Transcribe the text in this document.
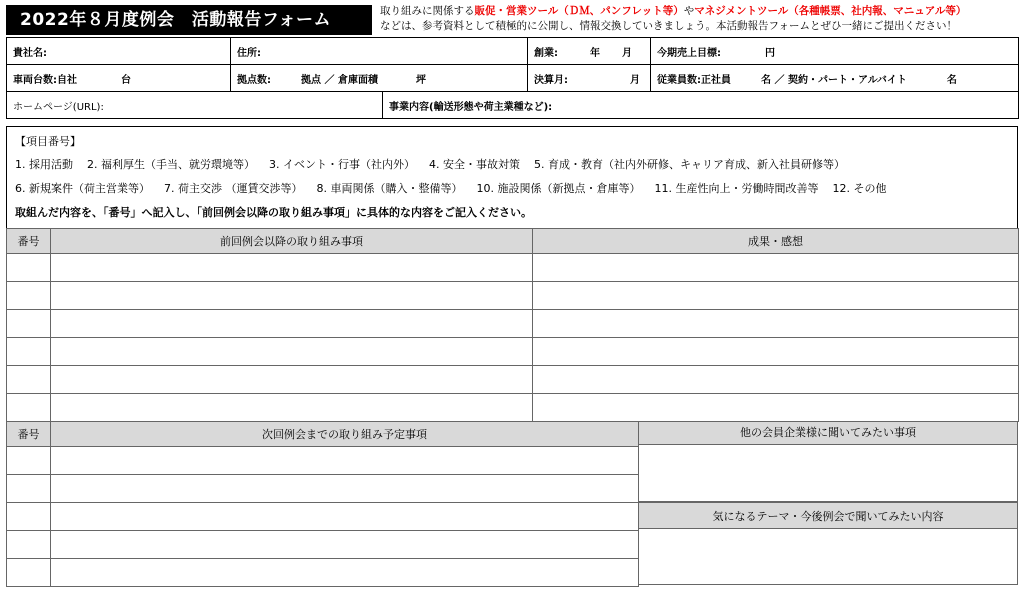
2022年８月度例会　活動報告フォーム	取り組みに関係する販促・営業ツール（ＤＭ、パンフレット等）やマネジメントツール（各種帳票、社内報、マニュアル等）
などは、参考資料として積極的に公開し、情報交換していきましょう。本活動報告フォームとぜひ一緒にご提出ください！
貴社名:	住所:		創業: 年 月	今期売上目標: 円
車両台数:自社 台	拠点数: 拠点 ／ 倉庫面積 坪		決算月: 月	従業員数:正社員 名 ／ 契約・パート・アルバイト 名
ホームページ(URL):		事業内容(輸送形態や荷主業種など):		
【項目番号】
1. 採用活動 2. 福利厚生（手当、就労環境等） 3. イベント・行事（社内外） 4. 安全・事故対策 5. 育成・教育（社内外研修、キャリア育成、新入社員研修等）
6. 新規案件（荷主営業等） 7. 荷主交渉 （運賃交渉等） 8. 車両関係（購入・整備等） 10. 施設関係（新拠点・倉庫等） 11. 生産性向上・労働時間改善等 12. その他
取組んだ内容を、「番号」へ記入し、「前回例会以降の取り組み事項」に具体的な内容をご記入ください。
番号	前回例会以降の取り組み事項	成果・感想

番号	次回例会までの取り組み予定事項

		他の会員企業様に聞いてみたい事項
気になるテーマ・今後例会で聞いてみたい内容
